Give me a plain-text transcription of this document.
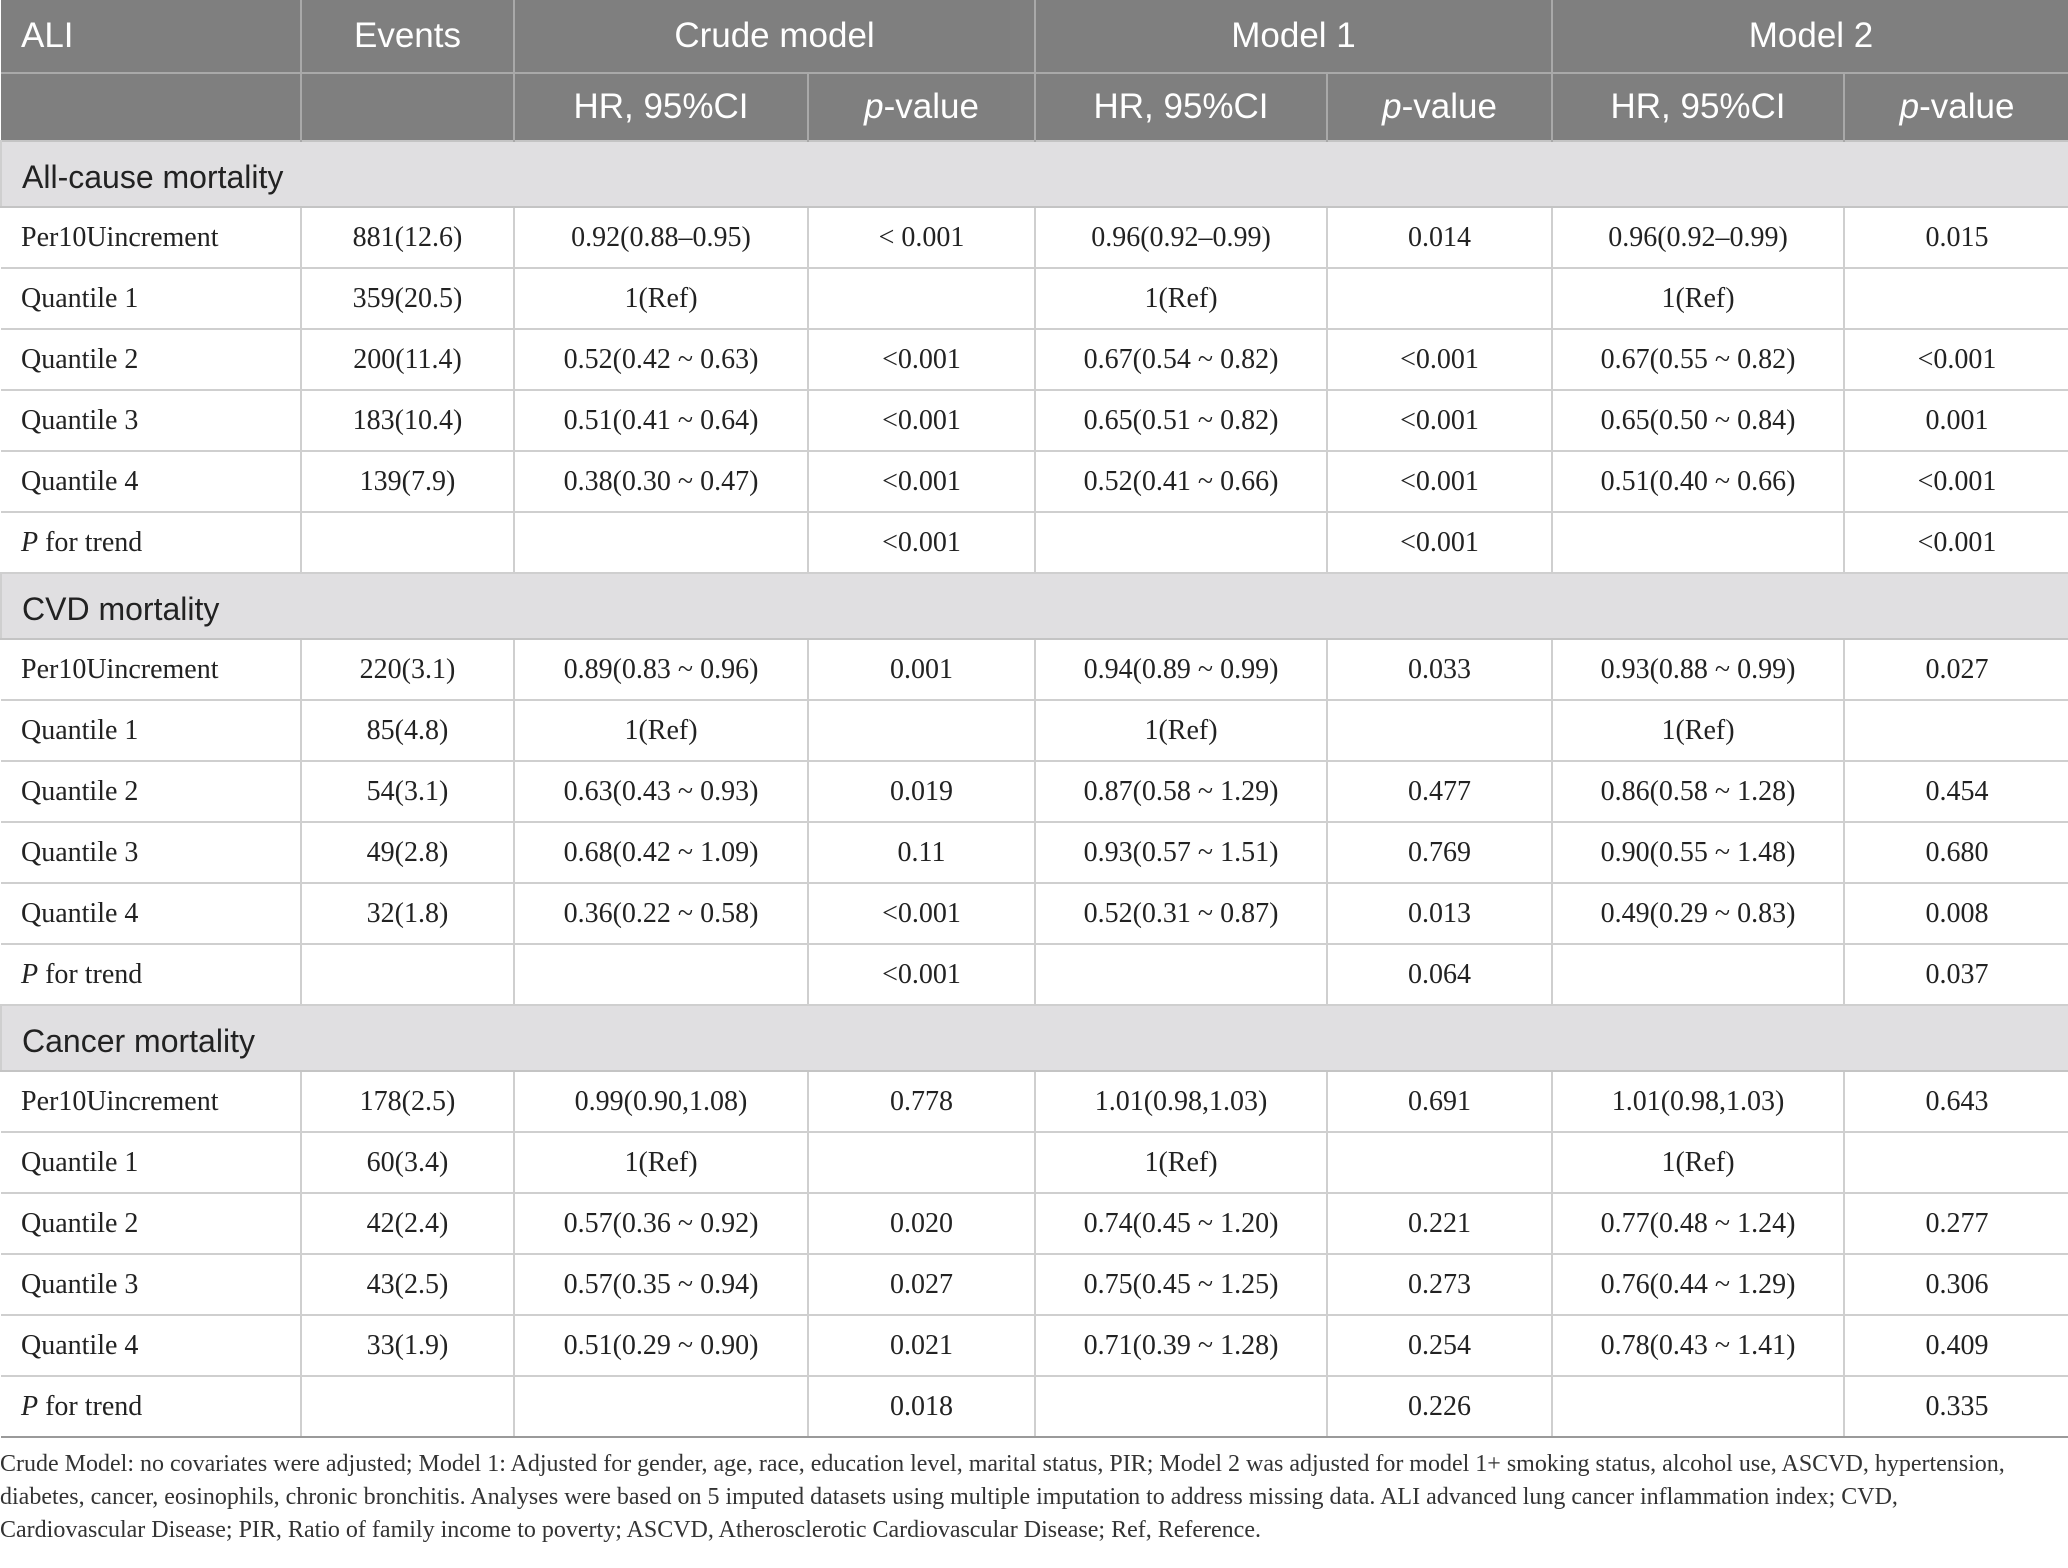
ALI	Events	Crude model		Model 1		Model 2	
		HR, 95%CI	p-value	HR, 95%CI	p-value	HR, 95%CI	p-value
All-cause mortality							
Per10Uincrement	881(12.6)	0.92(0.88–0.95)	< 0.001	0.96(0.92–0.99)	0.014	0.96(0.92–0.99)	0.015
Quantile 1	359(20.5)	1(Ref)		1(Ref)		1(Ref)	
Quantile 2	200(11.4)	0.52(0.42 ~ 0.63)	<0.001	0.67(0.54 ~ 0.82)	<0.001	0.67(0.55 ~ 0.82)	<0.001
Quantile 3	183(10.4)	0.51(0.41 ~ 0.64)	<0.001	0.65(0.51 ~ 0.82)	<0.001	0.65(0.50 ~ 0.84)	0.001
Quantile 4	139(7.9)	0.38(0.30 ~ 0.47)	<0.001	0.52(0.41 ~ 0.66)	<0.001	0.51(0.40 ~ 0.66)	<0.001
P for trend			<0.001		<0.001		<0.001
CVD mortality							
Per10Uincrement	220(3.1)	0.89(0.83 ~ 0.96)	0.001	0.94(0.89 ~ 0.99)	0.033	0.93(0.88 ~ 0.99)	0.027
Quantile 1	85(4.8)	1(Ref)		1(Ref)		1(Ref)	
Quantile 2	54(3.1)	0.63(0.43 ~ 0.93)	0.019	0.87(0.58 ~ 1.29)	0.477	0.86(0.58 ~ 1.28)	0.454
Quantile 3	49(2.8)	0.68(0.42 ~ 1.09)	0.11	0.93(0.57 ~ 1.51)	0.769	0.90(0.55 ~ 1.48)	0.680
Quantile 4	32(1.8)	0.36(0.22 ~ 0.58)	<0.001	0.52(0.31 ~ 0.87)	0.013	0.49(0.29 ~ 0.83)	0.008
P for trend			<0.001		0.064		0.037
Cancer mortality							
Per10Uincrement	178(2.5)	0.99(0.90,1.08)	0.778	1.01(0.98,1.03)	0.691	1.01(0.98,1.03)	0.643
Quantile 1	60(3.4)	1(Ref)		1(Ref)		1(Ref)	
Quantile 2	42(2.4)	0.57(0.36 ~ 0.92)	0.020	0.74(0.45 ~ 1.20)	0.221	0.77(0.48 ~ 1.24)	0.277
Quantile 3	43(2.5)	0.57(0.35 ~ 0.94)	0.027	0.75(0.45 ~ 1.25)	0.273	0.76(0.44 ~ 1.29)	0.306
Quantile 4	33(1.9)	0.51(0.29 ~ 0.90)	0.021	0.71(0.39 ~ 1.28)	0.254	0.78(0.43 ~ 1.41)	0.409
P for trend			0.018		0.226		0.335

Crude Model: no covariates were adjusted; Model 1: Adjusted for gender, age, race, education level, marital status, PIR; Model 2 was adjusted for model 1+ smoking status, alcohol use, ASCVD, hypertension, diabetes, cancer, eosinophils, chronic bronchitis. Analyses were based on 5 imputed datasets using multiple imputation to address missing data. ALI advanced lung cancer inflammation index; CVD, Cardiovascular Disease; PIR, Ratio of family income to poverty; ASCVD, Atherosclerotic Cardiovascular Disease; Ref, Reference.
